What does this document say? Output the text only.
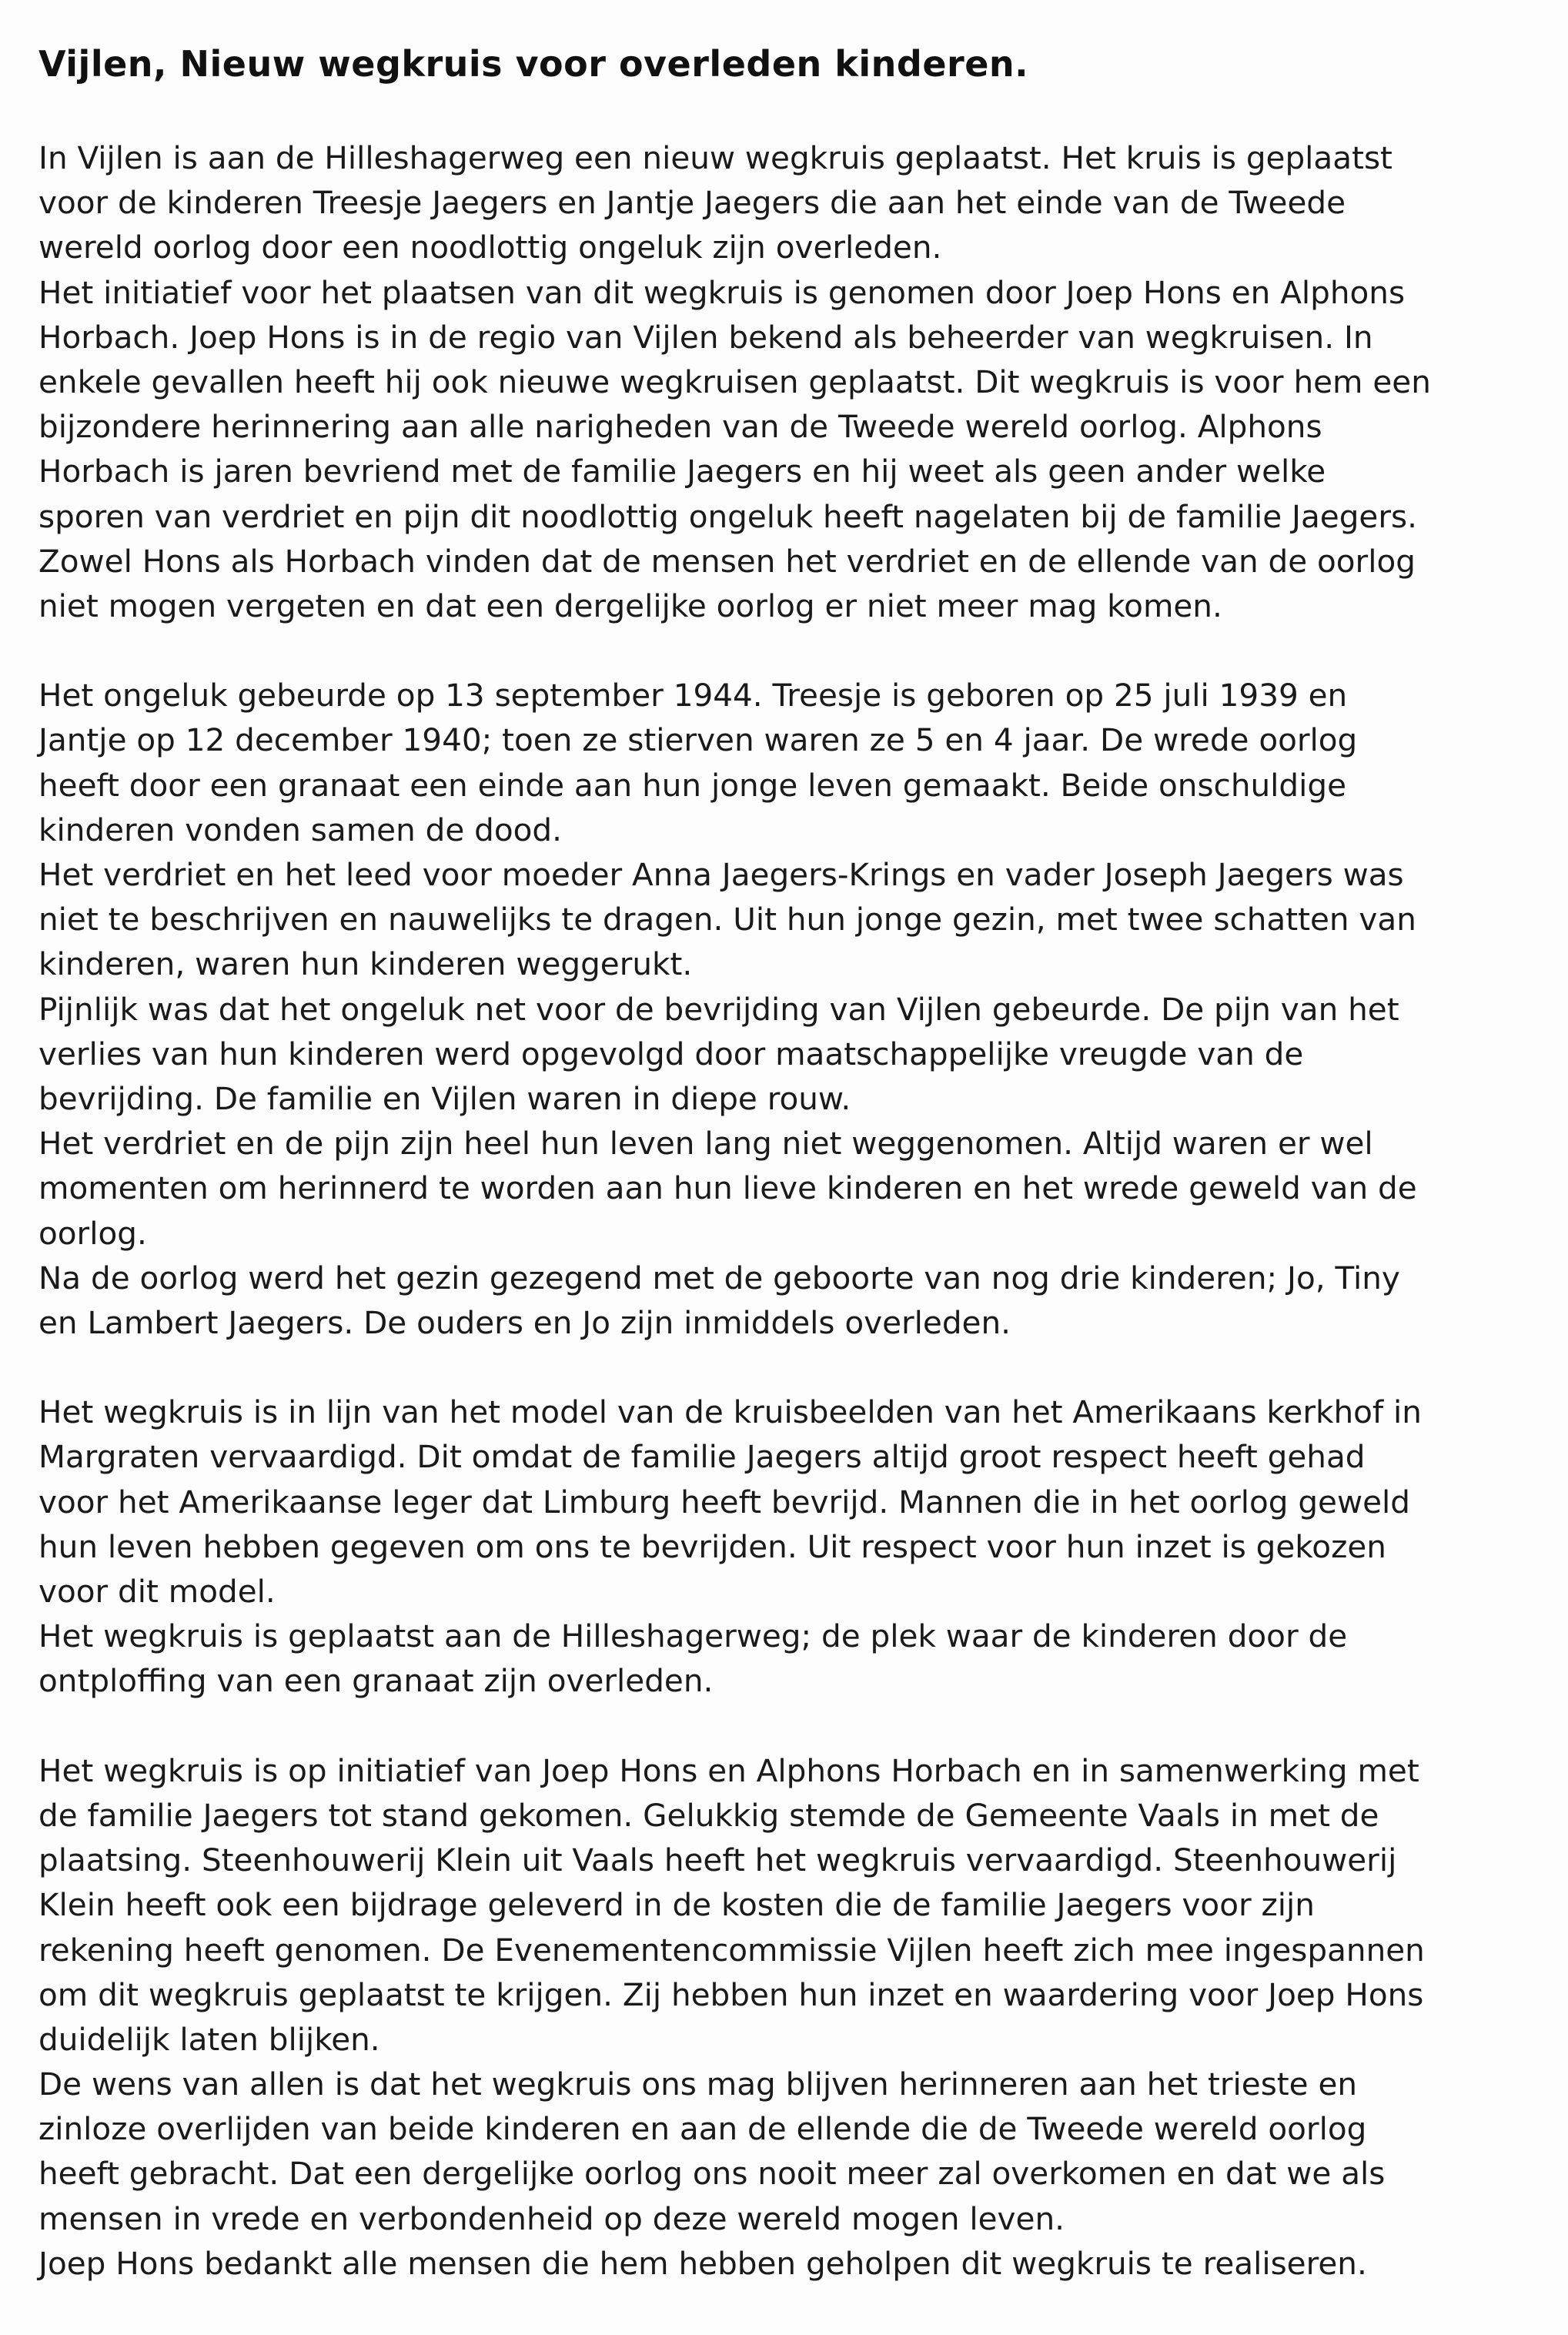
Vijlen, Nieuw wegkruis voor overleden kinderen.
In Vijlen is aan de Hilleshagerweg een nieuw wegkruis geplaatst. Het kruis is geplaatst
voor de kinderen Treesje Jaegers en Jantje Jaegers die aan het einde van de Tweede
wereld oorlog door een noodlottig ongeluk zijn overleden.
Het initiatief voor het plaatsen van dit wegkruis is genomen door Joep Hons en Alphons
Horbach. Joep Hons is in de regio van Vijlen bekend als beheerder van wegkruisen. In
enkele gevallen heeft hij ook nieuwe wegkruisen geplaatst. Dit wegkruis is voor hem een
bijzondere herinnering aan alle narigheden van de Tweede wereld oorlog. Alphons
Horbach is jaren bevriend met de familie Jaegers en hij weet als geen ander welke
sporen van verdriet en pijn dit noodlottig ongeluk heeft nagelaten bij de familie Jaegers.
Zowel Hons als Horbach vinden dat de mensen het verdriet en de ellende van de oorlog
niet mogen vergeten en dat een dergelijke oorlog er niet meer mag komen.
Het ongeluk gebeurde op 13 september 1944. Treesje is geboren op 25 juli 1939 en
Jantje op 12 december 1940; toen ze stierven waren ze 5 en 4 jaar. De wrede oorlog
heeft door een granaat een einde aan hun jonge leven gemaakt. Beide onschuldige
kinderen vonden samen de dood.
Het verdriet en het leed voor moeder Anna Jaegers-Krings en vader Joseph Jaegers was
niet te beschrijven en nauwelijks te dragen. Uit hun jonge gezin, met twee schatten van
kinderen, waren hun kinderen weggerukt.
Pijnlijk was dat het ongeluk net voor de bevrijding van Vijlen gebeurde. De pijn van het
verlies van hun kinderen werd opgevolgd door maatschappelijke vreugde van de
bevrijding. De familie en Vijlen waren in diepe rouw.
Het verdriet en de pijn zijn heel hun leven lang niet weggenomen. Altijd waren er wel
momenten om herinnerd te worden aan hun lieve kinderen en het wrede geweld van de
oorlog.
Na de oorlog werd het gezin gezegend met de geboorte van nog drie kinderen; Jo, Tiny
en Lambert Jaegers. De ouders en Jo zijn inmiddels overleden.
Het wegkruis is in lijn van het model van de kruisbeelden van het Amerikaans kerkhof in
Margraten vervaardigd. Dit omdat de familie Jaegers altijd groot respect heeft gehad
voor het Amerikaanse leger dat Limburg heeft bevrijd. Mannen die in het oorlog geweld
hun leven hebben gegeven om ons te bevrijden. Uit respect voor hun inzet is gekozen
voor dit model.
Het wegkruis is geplaatst aan de Hilleshagerweg; de plek waar de kinderen door de
ontploffing van een granaat zijn overleden.
Het wegkruis is op initiatief van Joep Hons en Alphons Horbach en in samenwerking met
de familie Jaegers tot stand gekomen. Gelukkig stemde de Gemeente Vaals in met de
plaatsing. Steenhouwerij Klein uit Vaals heeft het wegkruis vervaardigd. Steenhouwerij
Klein heeft ook een bijdrage geleverd in de kosten die de familie Jaegers voor zijn
rekening heeft genomen. De Evenementencommissie Vijlen heeft zich mee ingespannen
om dit wegkruis geplaatst te krijgen. Zij hebben hun inzet en waardering voor Joep Hons
duidelijk laten blijken.
De wens van allen is dat het wegkruis ons mag blijven herinneren aan het trieste en
zinloze overlijden van beide kinderen en aan de ellende die de Tweede wereld oorlog
heeft gebracht. Dat een dergelijke oorlog ons nooit meer zal overkomen en dat we als
mensen in vrede en verbondenheid op deze wereld mogen leven.
Joep Hons bedankt alle mensen die hem hebben geholpen dit wegkruis te realiseren.
